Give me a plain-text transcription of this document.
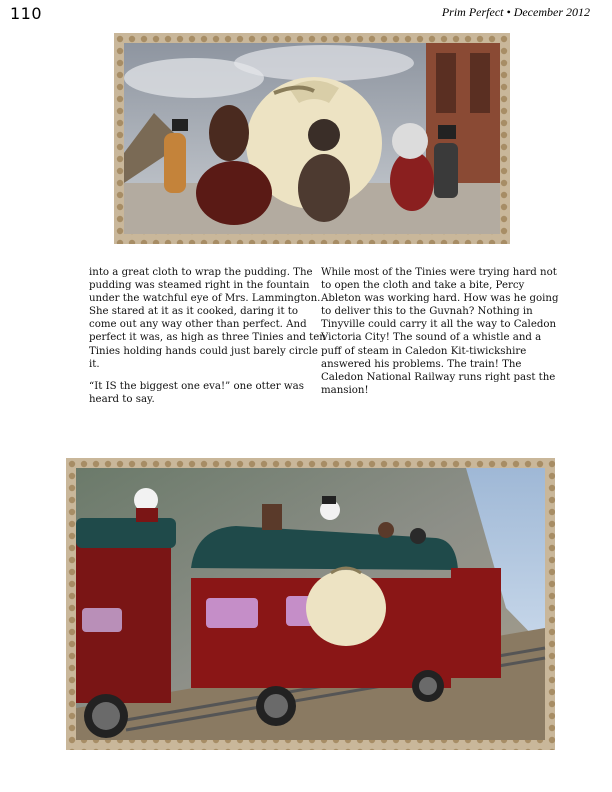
110	Prim Perfect • December 2012

into a great cloth to wrap the pudding. The pudding was steamed right in the fountain under the watchful eye of Mrs. Lammington. She stared at it as it cooked, daring it to come out any way other than perfect. And perfect it was, as high as three Tinies and ten Tinies holding hands could just barely circle it.

“It IS the biggest one eva!” one otter was heard to say.

While most of the Tinies were trying hard not to open the cloth and take a bite, Percy Ableton was working hard. How was he going to deliver this to the Guvnah? Nothing in Tinyville could carry it all the way to Caledon Victoria City! The sound of a whistle and a puff of steam in Caledon Kit-tiwickshire answered his problems. The train! The Caledon National Railway runs right past the mansion!
